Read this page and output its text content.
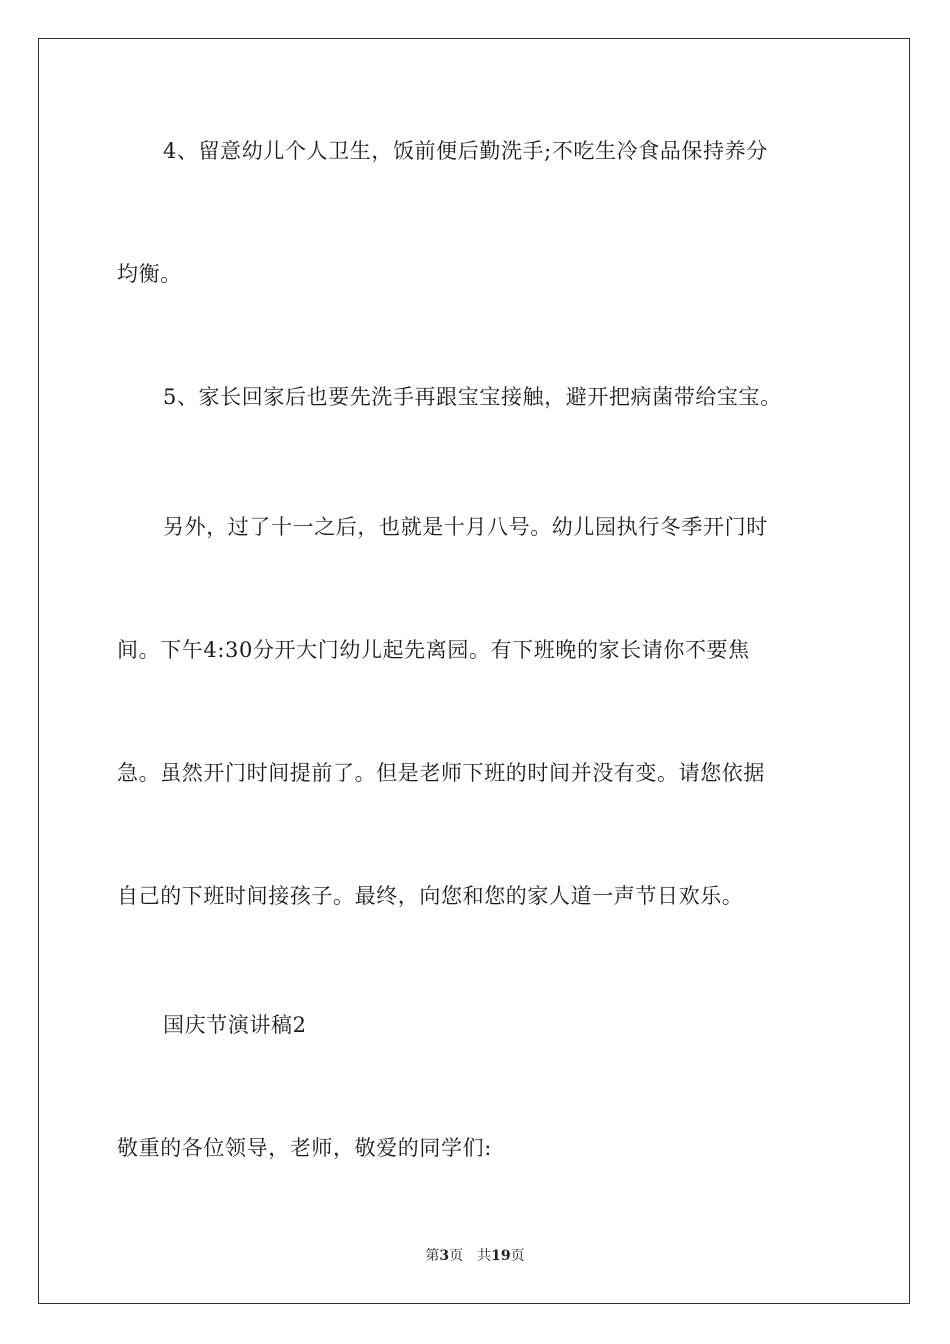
4、留意幼儿个人卫生，饭前便后勤洗手;不吃生冷食品保持养分
均衡。
5、家长回家后也要先洗手再跟宝宝接触，避开把病菌带给宝宝。
另外，过了十一之后，也就是十月八号。幼儿园执行冬季开门时
间。下午4:30分开大门幼儿起先离园。有下班晚的家长请你不要焦
急。虽然开门时间提前了。但是老师下班的时间并没有变。请您依据
自己的下班时间接孩子。最终，向您和您的家人道一声节日欢乐。
国庆节演讲稿2
敬重的各位领导，老师，敬爱的同学们:
第3页 共19页
